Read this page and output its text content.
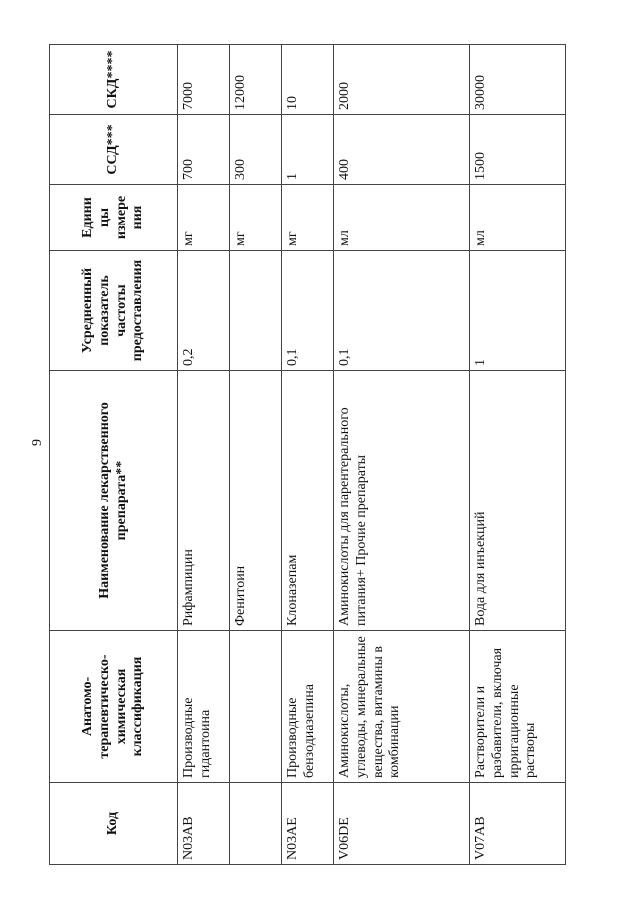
9
Код	Анатомо-терапевтическо-химическая классификация	Наименование лекарственного препарата**	Усредненный показатель частоты предоставления	Едини цы измере ния	ССД***	СКД****
N03AB	Производные гидантоина	Рифампицин	0,2	мг	700	7000
		Фенитоин		мг	300	12000
N03AE	Производные бензодиазепина	Клоназепам	0,1	мг	1	10
V06DE	Аминокислоты, углеводы, минеральные вещества, витамины в комбинации	Аминокислоты для парентерального питания+ Прочие препараты	0,1	мл	400	2000
V07AB	Растворители и разбавители, включая ирригационные растворы	Вода для инъекций	1	мл	1500	30000
